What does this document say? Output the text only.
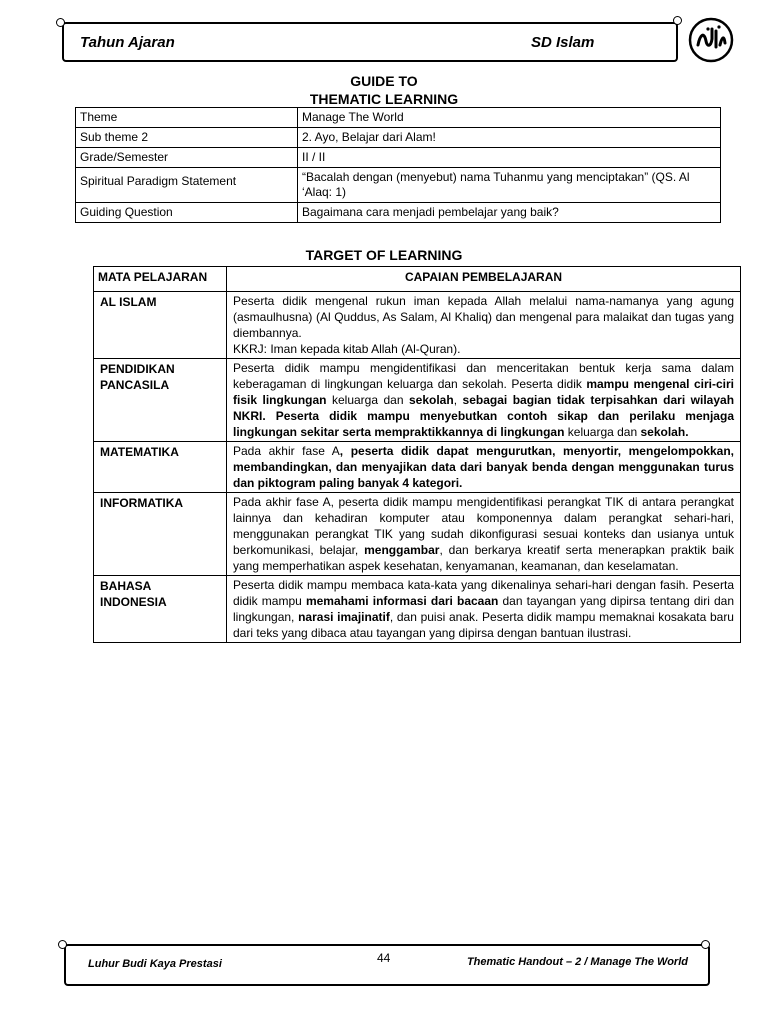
Tahun Ajaran	SD Islam
GUIDE TO
THEMATIC LEARNING
Theme	Manage The World
Sub theme 2	2. Ayo, Belajar dari Alam!
Grade/Semester	II / II
Spiritual Paradigm Statement	“Bacalah dengan (menyebut) nama Tuhanmu yang menciptakan” (QS. Al ‘Alaq: 1)
Guiding Question	Bagaimana cara menjadi pembelajar yang baik?
TARGET OF LEARNING
MATA PELAJARAN	CAPAIAN PEMBELAJARAN
AL ISLAM	Peserta didik mengenal rukun iman kepada Allah melalui nama-namanya yang agung (asmaulhusna) (Al Quddus, As Salam, Al Khaliq) dan mengenal para malaikat dan tugas yang diembannya.
KKRJ: Iman kepada kitab Allah (Al-Quran).
PENDIDIKAN PANCASILA	Peserta didik mampu mengidentifikasi dan menceritakan bentuk kerja sama dalam keberagaman di lingkungan keluarga dan sekolah. Peserta didik mampu mengenal ciri-ciri fisik lingkungan keluarga dan sekolah, sebagai bagian tidak terpisahkan dari wilayah NKRI. Peserta didik mampu menyebutkan contoh sikap dan perilaku menjaga lingkungan sekitar serta mempraktikkannya di lingkungan keluarga dan sekolah.
MATEMATIKA	Pada akhir fase A, peserta didik dapat mengurutkan, menyortir, mengelompokkan, membandingkan, dan menyajikan data dari banyak benda dengan menggunakan turus dan piktogram paling banyak 4 kategori.
INFORMATIKA	Pada akhir fase A, peserta didik mampu mengidentifikasi perangkat TIK di antara perangkat lainnya dan kehadiran komputer atau komponennya dalam perangkat sehari-hari, menggunakan perangkat TIK yang sudah dikonfigurasi sesuai konteks dan usianya untuk berkomunikasi, belajar, menggambar, dan berkarya kreatif serta menerapkan praktik baik yang memperhatikan aspek kesehatan, kenyamanan, keamanan, dan keselamatan.
BAHASA INDONESIA	Peserta didik mampu membaca kata-kata yang dikenalinya sehari-hari dengan fasih. Peserta didik mampu memahami informasi dari bacaan dan tayangan yang dipirsa tentang diri dan lingkungan, narasi imajinatif, dan puisi anak. Peserta didik mampu memaknai kosakata baru dari teks yang dibaca atau tayangan yang dipirsa dengan bantuan ilustrasi.
Luhur Budi Kaya Prestasi	44	Thematic Handout – 2 / Manage The World
